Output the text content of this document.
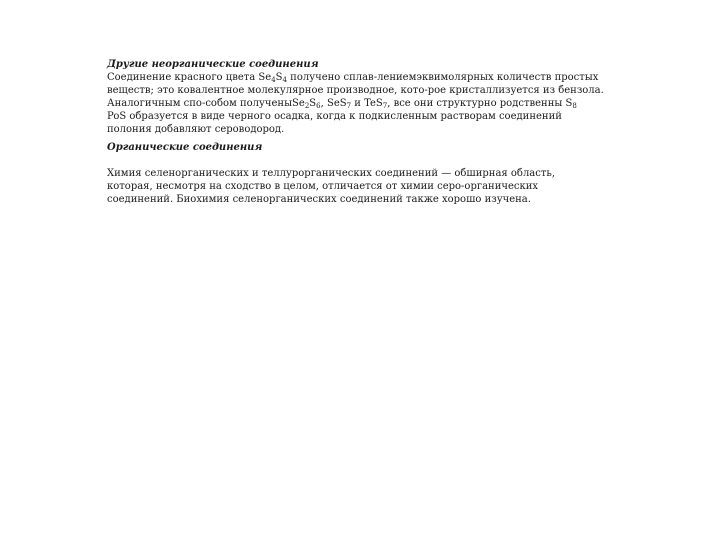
Другие неорганические соединения

Соединение красного цвета $Se_4S_4$ получено сплав-лениемэквимолярных количеств простых
веществ; это ковалентное молекулярное производное, кото-рое кристаллизуется из бензола.
Аналогичным спо-собом $полученыSe_2S_6$, SeS$_7$ и TeS$_7$, все они структурно родственны $S_8$
PoS образуется в виде черного осадка, когда к подкисленным растворам соединений
полония добавляют сероводород.

Органические соединения

Химия селенорганических и теллурорганических соединений — обширная область,
которая, несмотря на сходство в целом, отличается от химии серо-органических
соединений. Биохимия селенорганических соединений также хорошо изучена.
